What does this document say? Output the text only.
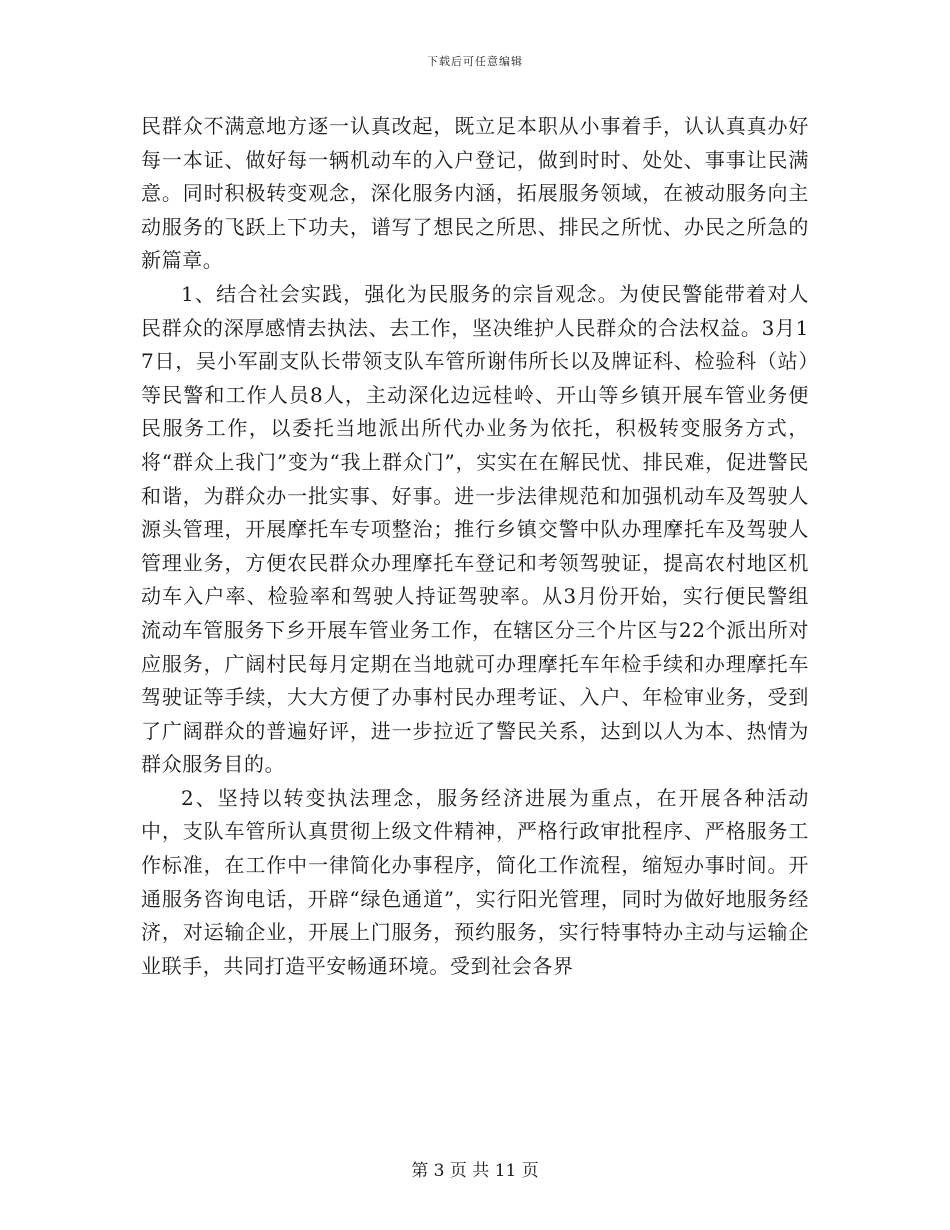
下载后可任意编辑

民群众不满意地方逐一认真改起，既立足本职从小事着手，认认真真办好每一本证、做好每一辆机动车的入户登记，做到时时、处处、事事让民满意。同时积极转变观念，深化服务内涵，拓展服务领域，在被动服务向主动服务的飞跃上下功夫，谱写了想民之所思、排民之所忧、办民之所急的新篇章。

1、结合社会实践，强化为民服务的宗旨观念。为使民警能带着对人民群众的深厚感情去执法、去工作，坚决维护人民群众的合法权益。3月17日，吴小军副支队长带领支队车管所谢伟所长以及牌证科、检验科（站）等民警和工作人员8人，主动深化边远桂岭、开山等乡镇开展车管业务便民服务工作，以委托当地派出所代办业务为依托，积极转变服务方式，将“群众上我门”变为“我上群众门”，实实在在解民忧、排民难，促进警民和谐，为群众办一批实事、好事。进一步法律规范和加强机动车及驾驶人源头管理，开展摩托车专项整治；推行乡镇交警中队办理摩托车及驾驶人管理业务，方便农民群众办理摩托车登记和考领驾驶证，提高农村地区机动车入户率、检验率和驾驶人持证驾驶率。从3月份开始，实行便民警组流动车管服务下乡开展车管业务工作，在辖区分三个片区与22个派出所对应服务，广阔村民每月定期在当地就可办理摩托车年检手续和办理摩托车驾驶证等手续，大大方便了办事村民办理考证、入户、年检审业务，受到了广阔群众的普遍好评，进一步拉近了警民关系，达到以人为本、热情为群众服务目的。

2、坚持以转变执法理念，服务经济进展为重点，在开展各种活动中，支队车管所认真贯彻上级文件精神，严格行政审批程序、严格服务工作标准，在工作中一律简化办事程序，简化工作流程，缩短办事时间。开通服务咨询电话，开辟“绿色通道”，实行阳光管理，同时为做好地服务经济，对运输企业，开展上门服务，预约服务，实行特事特办主动与运输企业联手，共同打造平安畅通环境。受到社会各界

第 3 页 共 11 页
